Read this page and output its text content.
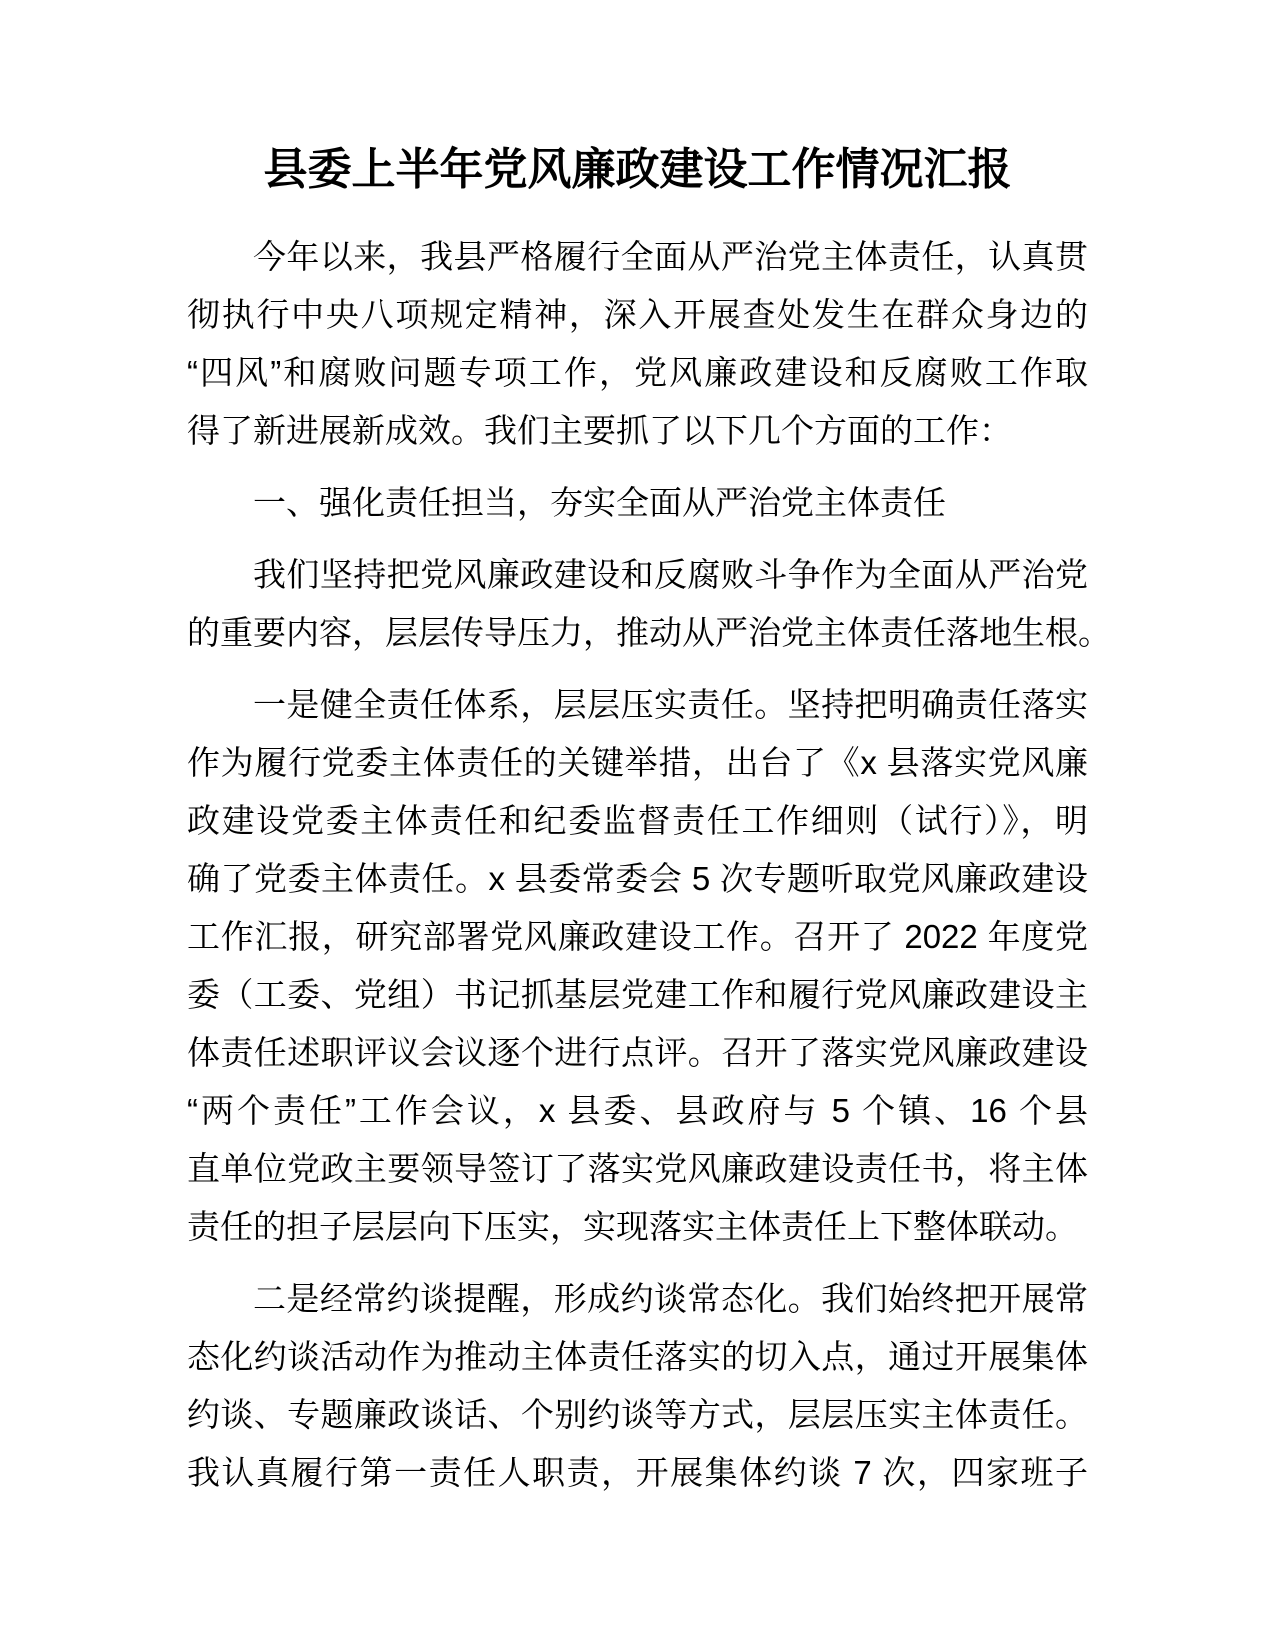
县委上半年党风廉政建设工作情况汇报
今年以来，我县严格履行全面从严治党主体责任，认真贯
彻执行中央八项规定精神，深入开展查处发生在群众身边的
“四风”和腐败问题专项工作，党风廉政建设和反腐败工作取
得了新进展新成效。我们主要抓了以下几个方面的工作：
一、强化责任担当，夯实全面从严治党主体责任
我们坚持把党风廉政建设和反腐败斗争作为全面从严治党
的重要内容，层层传导压力，推动从严治党主体责任落地生根。
一是健全责任体系，层层压实责任。坚持把明确责任落实
作为履行党委主体责任的关键举措，出台了《x 县落实党风廉
政建设党委主体责任和纪委监督责任工作细则（试行）》，明
确了党委主体责任。x 县委常委会 5 次专题听取党风廉政建设
工作汇报，研究部署党风廉政建设工作。召开了 2022 年度党
委（工委、党组）书记抓基层党建工作和履行党风廉政建设主
体责任述职评议会议逐个进行点评。召开了落实党风廉政建设
“两个责任”工作会议，x 县委、县政府与 5 个镇、16 个县
直单位党政主要领导签订了落实党风廉政建设责任书，将主体
责任的担子层层向下压实，实现落实主体责任上下整体联动。
二是经常约谈提醒，形成约谈常态化。我们始终把开展常
态化约谈活动作为推动主体责任落实的切入点，通过开展集体
约谈、专题廉政谈话、个别约谈等方式，层层压实主体责任。
我认真履行第一责任人职责，开展集体约谈 7 次，四家班子
